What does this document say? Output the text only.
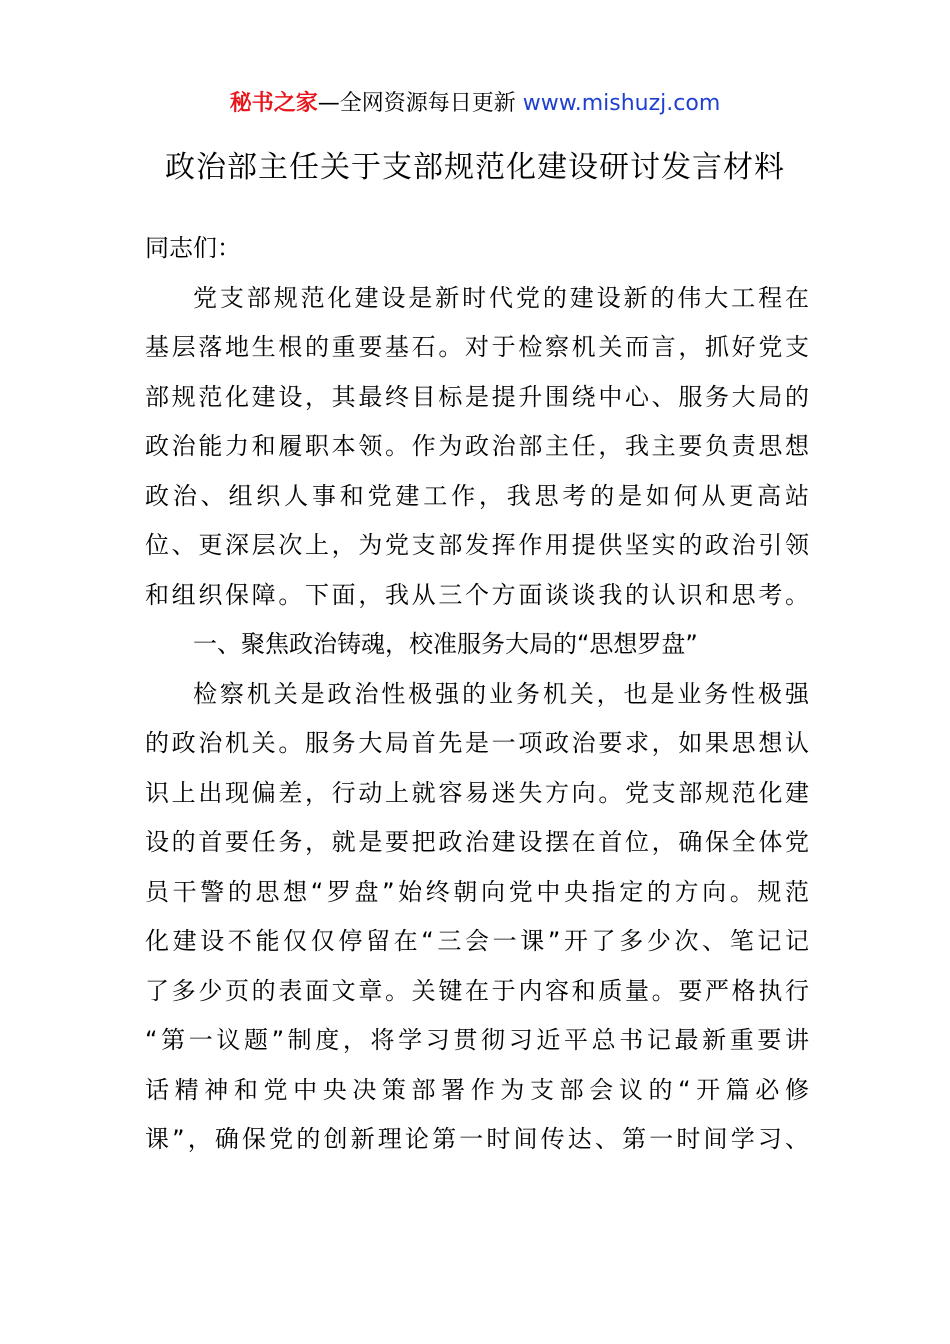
秘书之家—全网资源每日更新 www.mishuzj.com
政治部主任关于支部规范化建设研讨发言材料
同志们：
党支部规范化建设是新时代党的建设新的伟大工程在
基层落地生根的重要基石。对于检察机关而言，抓好党支
部规范化建设，其最终目标是提升围绕中心、服务大局的
政治能力和履职本领。作为政治部主任，我主要负责思想
政治、组织人事和党建工作，我思考的是如何从更高站
位、更深层次上，为党支部发挥作用提供坚实的政治引领
和组织保障。下面，我从三个方面谈谈我的认识和思考。
一、聚焦政治铸魂，校准服务大局的“思想罗盘”
检察机关是政治性极强的业务机关，也是业务性极强
的政治机关。服务大局首先是一项政治要求，如果思想认
识上出现偏差，行动上就容易迷失方向。党支部规范化建
设的首要任务，就是要把政治建设摆在首位，确保全体党
员干警的思想“罗盘”始终朝向党中央指定的方向。规范
化建设不能仅仅停留在“三会一课”开了多少次、笔记记
了多少页的表面文章。关键在于内容和质量。要严格执行
“第一议题”制度，将学习贯彻习近平总书记最新重要讲
话精神和党中央决策部署作为支部会议的“开篇必修
课”，确保党的创新理论第一时间传达、第一时间学习、
